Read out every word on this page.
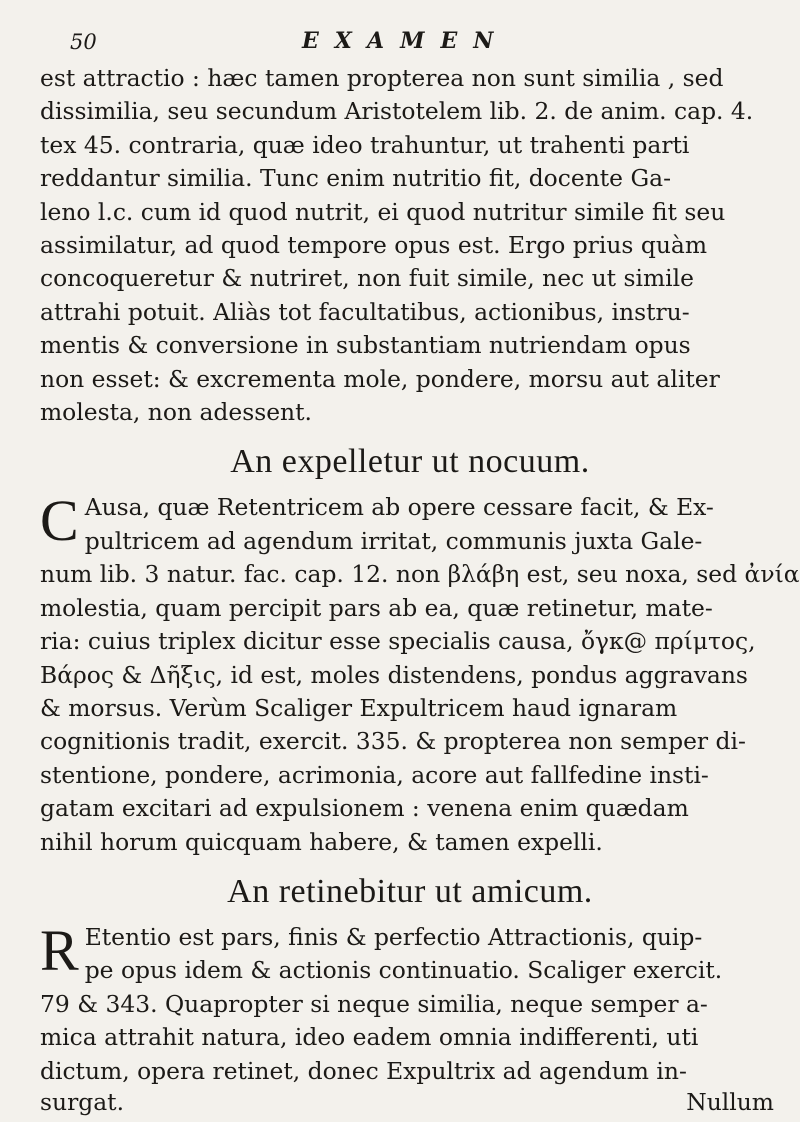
50	EXAMEN

est attractio : hæc tamen propterea non sunt similia , sed
dissimilia, seu secundum Aristotelem lib. 2. de anim. cap. 4.
tex 45. contraria, quæ ideo trahuntur, ut trahenti parti
reddantur similia. Tunc enim nutritio fit, docente Ga-
leno l.c. cum id quod nutrit, ei quod nutritur simile fit seu
assimilatur, ad quod tempore opus est. Ergo prius quàm
concoqueretur & nutriret, non fuit simile, nec ut simile
attrahi potuit. Aliàs tot facultatibus, actionibus, instru-
mentis & conversione in substantiam nutriendam opus
non esset: & excrementa mole, pondere, morsu aut aliter
molesta, non adessent.

An expelletur ut nocuum.
C Ausa, quæ Retentricem ab opere cessare facit, & Ex-
pultricem ad agendum irritat, communis juxta Gale-
num lib. 3 natur. fac. cap. 12. non βλάβη est, seu noxa, sed ἀνία
molestia, quam percipit pars ab ea, quæ retinetur, mate-
ria: cuius triplex dicitur esse specialis causa, ὄγκ@ πρίμτος,
Βάρος & Δῆξις, id est, moles distendens, pondus aggravans
& morsus. Verùm Scaliger Expultricem haud ignaram
cognitionis tradit, exercit. 335. & propterea non semper di-
stentione, pondere, acrimonia, acore aut fallfedine insti-
gatam excitari ad expulsionem : venena enim quædam
nihil horum quicquam habere, & tamen expelli.

An retinebitur ut amicum.
R Etentio est pars, finis & perfectio Attractionis, quip-
pe opus idem & actionis continuatio. Scaliger exercit.
79 & 343. Quapropter si neque similia, neque semper a-
mica attrahit natura, ideo eadem omnia indifferenti, uti
dictum, opera retinet, donec Expultrix ad agendum in-

surgat.	Nullum
